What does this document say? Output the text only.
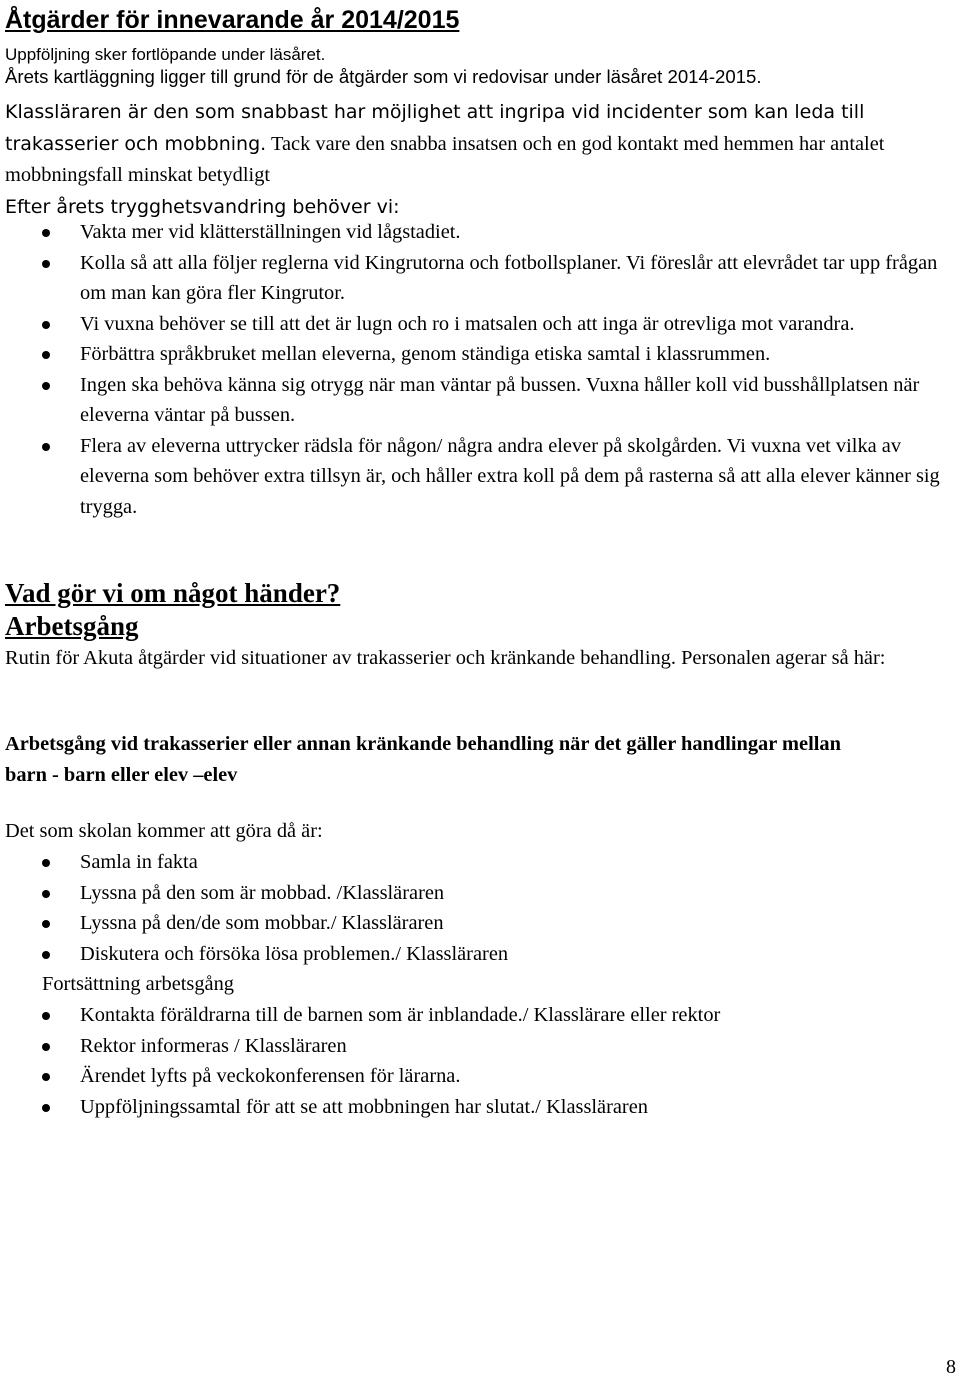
Åtgärder för innevarande år 2014/2015
Uppföljning sker fortlöpande under läsåret.
Årets kartläggning ligger till grund för de åtgärder som vi redovisar under läsåret 2014-2015.

Klassläraren är den som snabbast har möjlighet att ingripa vid incidenter som kan leda till trakasserier och mobbning. Tack vare den snabba insatsen och en god kontakt med hemmen har antalet mobbningsfall minskat betydligt
Efter årets trygghetsvandring behöver vi:

Vakta mer vid klätterställningen vid lågstadiet.
Kolla så att alla följer reglerna vid Kingrutorna och fotbollsplaner. Vi föreslår att elevrådet tar upp frågan om man kan göra fler Kingrutor.
Vi vuxna behöver se till att det är lugn och ro i matsalen och att inga är otrevliga mot varandra.
Förbättra språkbruket mellan eleverna, genom ständiga etiska samtal i klassrummen.
Ingen ska behöva känna sig otrygg när man väntar på bussen. Vuxna håller koll vid busshållplatsen när eleverna väntar på bussen.
Flera av eleverna uttrycker rädsla för någon/ några andra elever på skolgården. Vi vuxna vet vilka av eleverna som behöver extra tillsyn är, och håller extra koll på dem på rasterna så att alla elever känner sig trygga.
Vad gör vi om något händer?
Arbetsgång

Rutin för Akuta åtgärder vid situationer av trakasserier och kränkande behandling. Personalen agerar så här:

Arbetsgång vid trakasserier eller annan kränkande behandling när det gäller handlingar mellan barn - barn eller elev –elev

Det som skolan kommer att göra då är:

Samla in fakta
Lyssna på den som är mobbad. /Klassläraren
Lyssna på den/de som mobbar./ Klassläraren
Diskutera och försöka lösa problemen./ Klassläraren

Fortsättning arbetsgång

Kontakta föräldrarna till de barnen som är inblandade./ Klasslärare eller rektor
Rektor informeras / Klassläraren
Ärendet lyfts på veckokonferensen för lärarna.
Uppföljningssamtal för att se att mobbningen har slutat./ Klassläraren
8
